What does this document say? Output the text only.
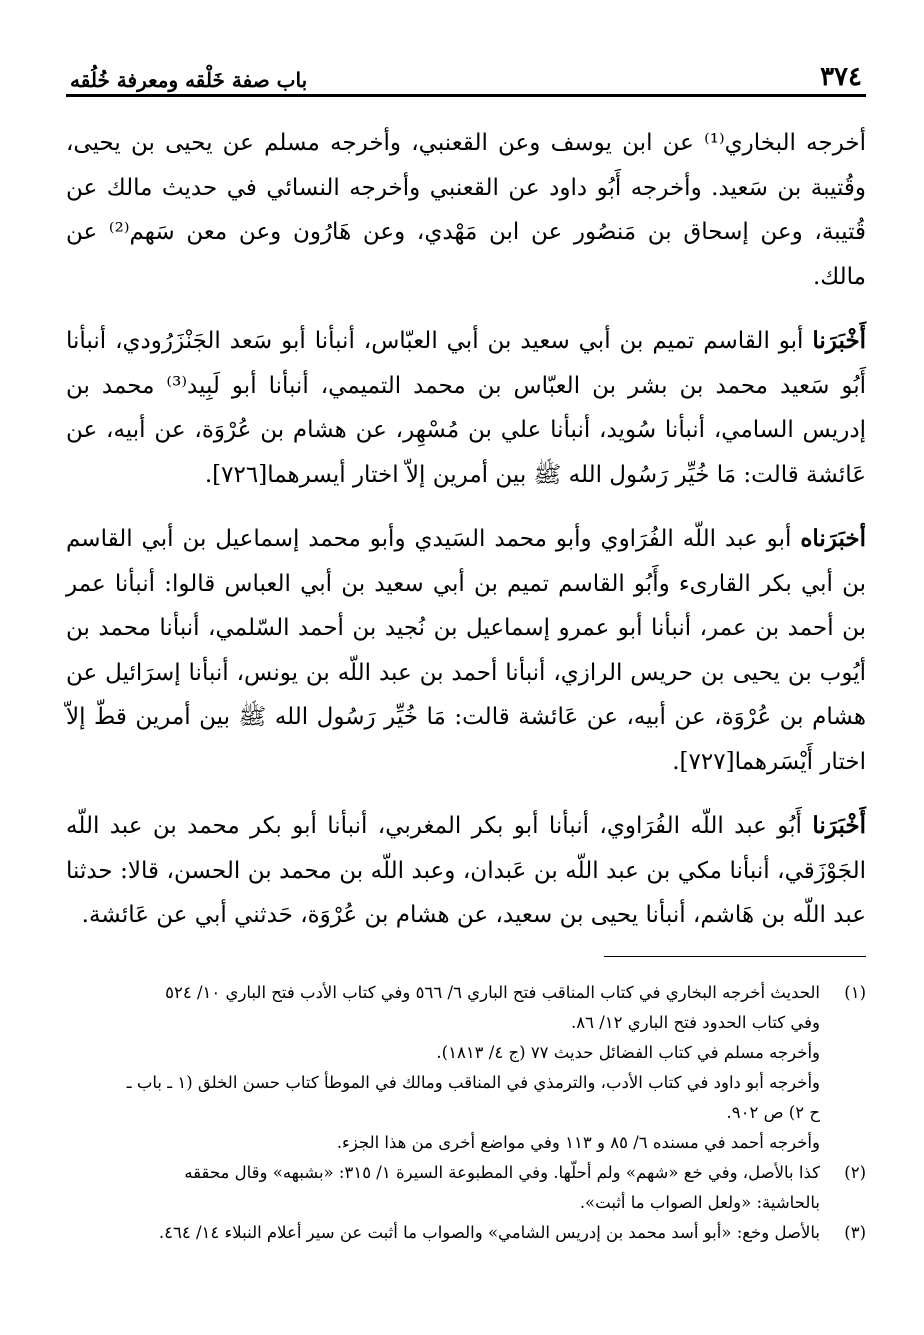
٣٧٤
باب صفة خَلْقه ومعرفة خُلُقه

أخرجه البخاري⁽¹⁾ عن ابن يوسف وعن القعنبي، وأخرجه مسلم عن يحيى بن يحيى، وقُتيبة بن سَعيد. وأخرجه أَبُو داود عن القعنبي وأخرجه النسائي في حديث مالك عن قُتيبة، وعن إسحاق بن مَنصُور عن ابن مَهْدي، وعن هَارُون وعن معن سَهم⁽²⁾ عن مالك.

أَخْبَرَنا أبو القاسم تميم بن أبي سعيد بن أبي العبّاس، أنبأنا أبو سَعد الجَنْزَرُودي، أنبأنا أَبُو سَعيد محمد بن بشر بن العبّاس بن محمد التميمي، أنبأنا أبو لَبِيد⁽³⁾ محمد بن إدريس السامي، أنبأنا سُويد، أنبأنا علي بن مُسْهِر، عن هشام بن عُرْوَة، عن أبيه، عن عَائشة قالت: مَا خُيِّر رَسُول الله ﷺ بين أمرين إلاّ اختار أيسرهما[٧٢٦].

أخبَرَناه أبو عبد اللّه الفُرَاوي وأبو محمد السَيدي وأبو محمد إسماعيل بن أبي القاسم بن أبي بكر القارىء وأَبُو القاسم تميم بن أبي سعيد بن أبي العباس قالوا: أنبأنا عمر بن أحمد بن عمر، أنبأنا أبو عمرو إسماعيل بن نُجيد بن أحمد السّلمي، أنبأنا محمد بن أيُوب بن يحيى بن حريس الرازي، أنبأنا أحمد بن عبد اللّه بن يونس، أنبأنا إسرَائيل عن هشام بن عُرْوَة، عن أبيه، عن عَائشة قالت: مَا خُيِّر رَسُول الله ﷺ بين أمرين قطّ إلاّ اختار أَيْسَرهما[٧٢٧].

أَخْبَرَنا أَبُو عبد اللّه الفُرَاوي، أنبأنا أبو بكر المغربي، أنبأنا أبو بكر محمد بن عبد اللّه الجَوْزَقي، أنبأنا مكي بن عبد اللّه بن عَبدان، وعبد اللّه بن محمد بن الحسن، قالا: حدثنا عبد اللّه بن هَاشم، أنبأنا يحيى بن سعيد، عن هشام بن عُرْوَة، حَدثني أبي عن عَائشة.

(١)
الحديث أخرجه البخاري في كتاب المناقب فتح الباري ٦/ ٥٦٦ وفي كتاب الأدب فتح الباري ١٠/ ٥٢٤
وفي كتاب الحدود فتح الباري ١٢/ ٨٦.
وأخرجه مسلم في كتاب الفضائل حديث ٧٧ (ج ٤/ ١٨١٣).
وأخرجه أبو داود في كتاب الأدب، والترمذي في المناقب ومالك في الموطأ كتاب حسن الخلق (١ ـ باب ـ
ح ٢) ص ٩٠٢.
وأخرجه أحمد في مسنده ٦/ ٨٥ و ١١٣ وفي مواضع أخرى من هذا الجزء.
(٢)
كذا بالأصل، وفي خع «شهم» ولم أحلّها. وفي المطبوعة السيرة ١/ ٣١٥: «بشبهه» وقال محققه
بالحاشية: «ولعل الصواب ما أثبت».
(٣)
بالأصل وخع: «أبو أسد محمد بن إدريس الشامي» والصواب ما أثبت عن سير أعلام النبلاء ١٤/ ٤٦٤.
